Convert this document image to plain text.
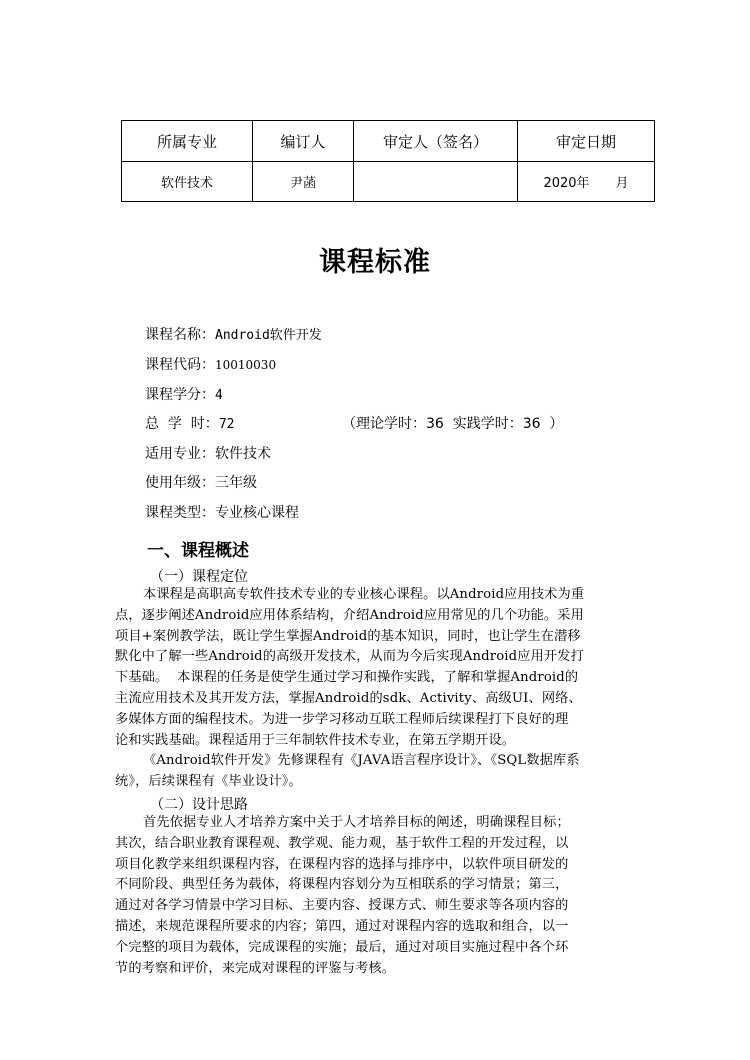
所属专业	编订人	审定人（签名）	审定日期
软件技术	尹菡		2020年　　月
课程标准
课程名称：Android软件开发
课程代码：10010030
课程学分：4
总  学  时：72	（理论学时：36  实践学时：36  ）
适用专业：软件技术
使用年级：三年级
课程类型：专业核心课程
一、课程概述
（一）课程定位
本课程是高职高专软件技术专业的专业核心课程。以Android应用技术为重
点，逐步阐述Android应用体系结构，介绍Android应用常见的几个功能。采用
项目+案例教学法，既让学生掌握Android的基本知识，同时，也让学生在潜移
默化中了解一些Android的高级开发技术，从而为今后实现Android应用开发打
下基础。  本课程的任务是使学生通过学习和操作实践，了解和掌握Android的
主流应用技术及其开发方法，掌握Android的sdk、Activity、高级UI、网络、
多媒体方面的编程技术。为进一步学习移动互联工程师后续课程打下良好的理
论和实践基础。课程适用于三年制软件技术专业，在第五学期开设。
《Android软件开发》先修课程有《JAVA语言程序设计》、《SQL数据库系
统》，后续课程有《毕业设计》。
（二）设计思路
首先依据专业人才培养方案中关于人才培养目标的阐述，明确课程目标；
其次，结合职业教育课程观、教学观、能力观，基于软件工程的开发过程，以
项目化教学来组织课程内容，在课程内容的选择与排序中，以软件项目研发的
不同阶段、典型任务为载体，将课程内容划分为互相联系的学习情景；第三，
通过对各学习情景中学习目标、主要内容、授课方式、师生要求等各项内容的
描述，来规范课程所要求的内容；第四，通过对课程内容的选取和组合，以一
个完整的项目为载体，完成课程的实施；最后，通过对项目实施过程中各个环
节的考察和评价，来完成对课程的评鉴与考核。
